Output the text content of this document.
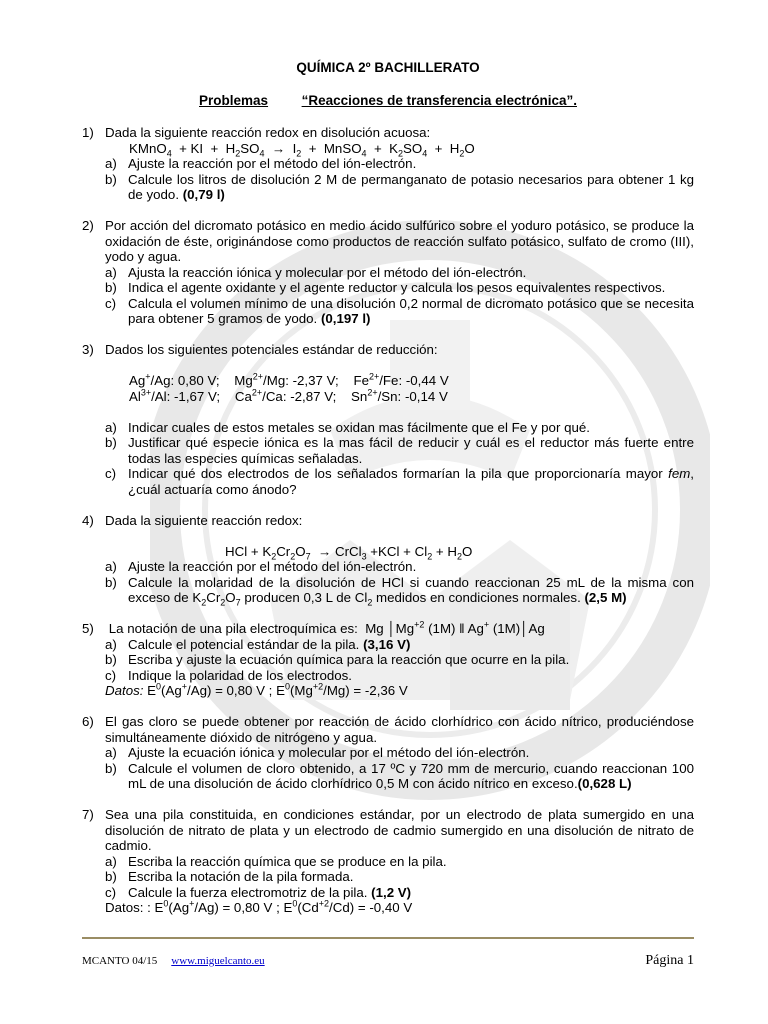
QUÍMICA 2º BACHILLERATO
Problemas “Reacciones de transferencia electrónica”.
1) Dada la siguiente reacción redox en disolución acuosa:
KMnO$_4$  + KI  +  $H_2SO_4 \to I_2$  +  MnSO$_4$  +  $K_2SO_4 + H_2O$
a) Ajuste la reacción por el método del ión-electrón.
b) Calcule los litros de disolución 2 M de permanganato de potasio necesarios para obtener 1 kg de yodo. (0,79 l)
2) Por acción del dicromato potásico en medio ácido sulfúrico sobre el yoduro potásico, se produce la oxidación de éste, originándose como productos de reacción sulfato potásico, sulfato de cromo (III), yodo y agua.
a) Ajusta la reacción iónica y molecular por el método del ión-electrón.
b) Indica el agente oxidante y el agente reductor y calcula los pesos equivalentes respectivos.
c) Calcula el volumen mínimo de una disolución 0,2 normal de dicromato potásico que se necesita para obtener 5 gramos de yodo. (0,197 l)
3) Dados los siguientes potenciales estándar de reducción:
Ag+/Ag: 0,80 V;    $Mg^{2+}/Mg$: -2,37 V;    $Fe^{2+}/Fe$: -0,44 V
$Al^{3+}/Al$: -1,67 V;    $Ca^{2+}/Ca$: -2,87 V;    $Sn^{2+}/Sn$: -0,14 V
a) Indicar cuales de estos metales se oxidan mas fácilmente que el Fe y por qué.
b) Justificar qué especie iónica es la mas fácil de reducir y cuál es el reductor más fuerte entre todas las especies químicas señaladas.
c) Indicar qué dos electrodos de los señalados formarían la pila que proporcionaría mayor fem, ¿cuál actuaría como ánodo?
4) Dada la siguiente reacción redox:
HCl + $K_2Cr_2O_7$  → CrCl$_3$ $+KCl + Cl_2 + H_2O$
a) Ajuste la reacción por el método del ión-electrón.
b) Calcule la molaridad de la disolución de HCl si cuando reaccionan 25 mL de la misma con exceso de $K_2Cr_2O_7$ producen 0,3 L de $Cl_2$ medidos en condiciones normales. (2,5 M)
5)	La notación de una pila electroquímica es: Mg $│Mg^{+2}$ (1M) ‖ Ag+ (1M)│Ag
a) Calcule el potencial estándar de la pila. (3,16 V)
b) Escriba y ajuste la ecuación química para la reacción que ocurre en la pila.
c) Indique la polaridad de los electrodos.
Datos: $E^0(Ag^+/Ag) = 0,80$ V ; $E^0(Mg^{+2}/Mg) = -2,36$ V
6) El gas cloro se puede obtener por reacción de ácido clorhídrico con ácido nítrico, produciéndose simultáneamente dióxido de nitrógeno y agua.
a) Ajuste la ecuación iónica y molecular por el método del ión-electrón.
b) Calcule el volumen de cloro obtenido, a 17 ºC y 720 mm de mercurio, cuando reaccionan 100 mL de una disolución de ácido clorhídrico 0,5 M con ácido nítrico en exceso.(0,628 L)
7) Sea una pila constituida, en condiciones estándar, por un electrodo de plata sumergido en una disolución de nitrato de plata y un electrodo de cadmio sumergido en una disolución de nitrato de cadmio.
a) Escriba la reacción química que se produce en la pila.
b) Escriba la notación de la pila formada.
c) Calcule la fuerza electromotriz de la pila. (1,2 V)
Datos: : $E^0(Ag^+/Ag) = 0,80$ V ; $E^0(Cd^{+2}/Cd) = -0,40$ V
MCANTO 04/15 www.miguelcanto.eu	Página 1
